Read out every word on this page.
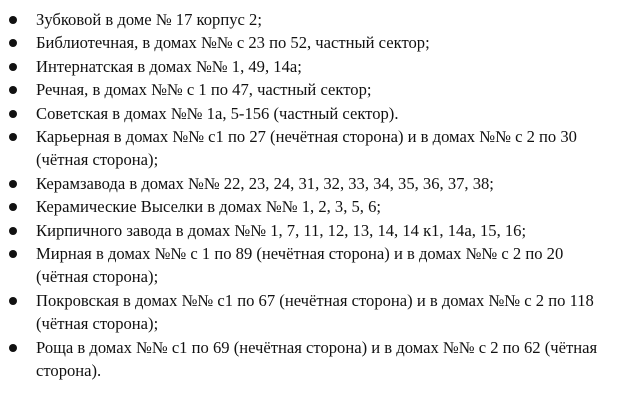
Зубковой в доме № 17 корпус 2;
Библиотечная, в домах №№ с 23 по 52, частный сектор;
Интернатская в домах №№ 1, 49, 14а;
Речная, в домах №№ с 1 по 47, частный сектор;
Советская в домах №№ 1а, 5-156 (частный сектор).
Карьерная в домах №№ с1 по 27 (нечётная сторона) и в домах №№ с 2 по 30 (чётная сторона);
Керамзавода в домах №№ 22, 23, 24, 31, 32, 33, 34, 35, 36, 37, 38;
Керамические Выселки в домах №№ 1, 2, 3, 5, 6;
Кирпичного завода в домах №№ 1, 7, 11, 12, 13, 14, 14 к1, 14а, 15, 16;
Мирная в домах №№ с 1 по 89 (нечётная сторона) и в домах №№ с 2 по 20 (чётная сторона);
Покровская в домах №№ с1 по 67 (нечётная сторона) и в домах №№ с 2 по 118 (чётная сторона);
Роща в домах №№ с1 по 69 (нечётная сторона) и в домах №№ с 2 по 62 (чётная сторона).
